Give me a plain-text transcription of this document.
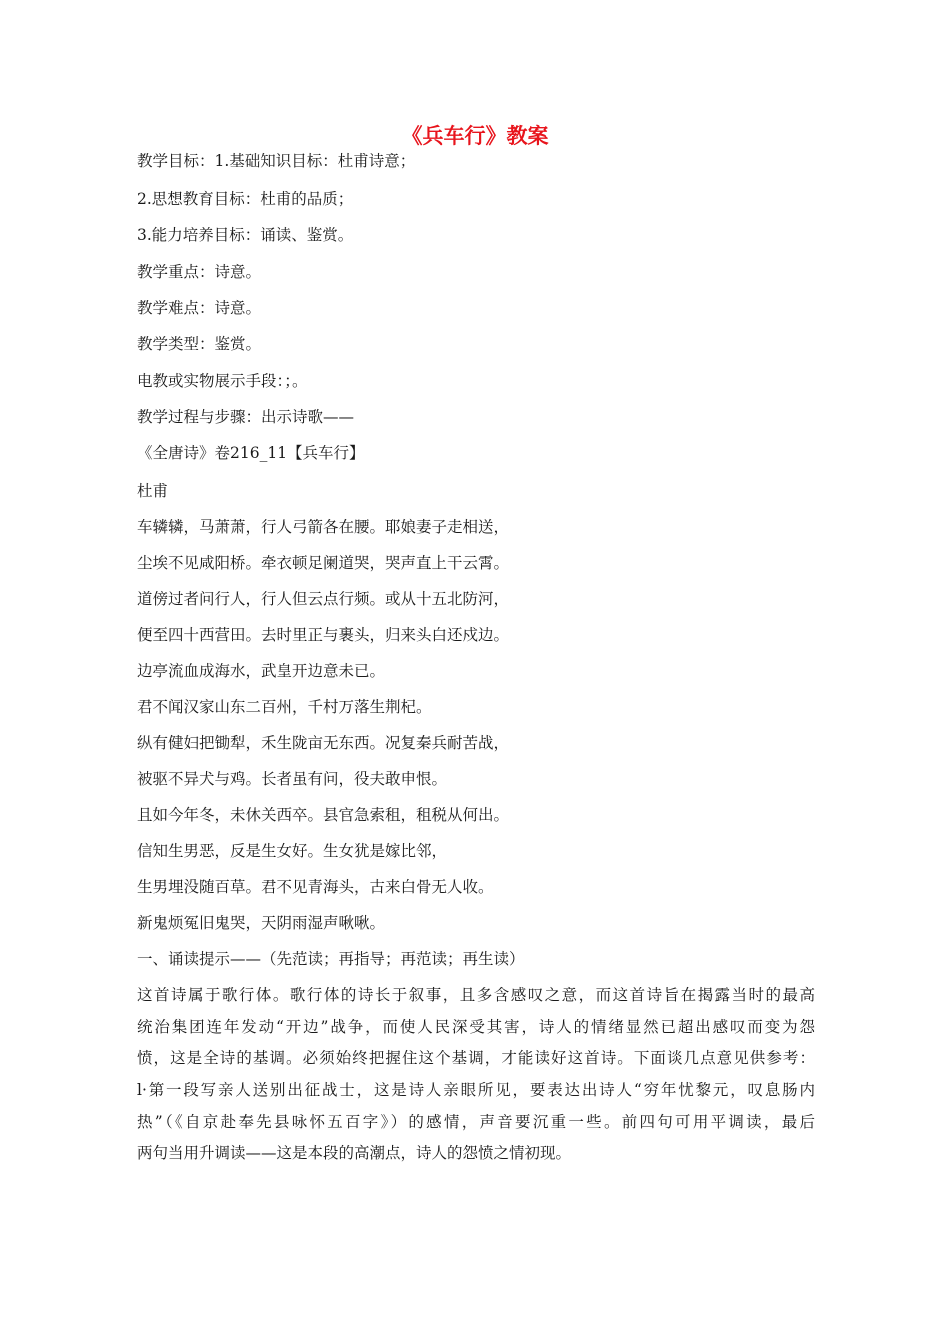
《兵车行》教案
教学目标：1.基础知识目标：杜甫诗意；
2.思想教育目标：杜甫的品质；
3.能力培养目标：诵读、鉴赏。
教学重点：诗意。
教学难点：诗意。
教学类型：鉴赏。
电教或实物展示手段：；。
教学过程与步骤：出示诗歌——
《全唐诗》卷216_11【兵车行】
杜甫
车辚辚，马萧萧，行人弓箭各在腰。耶娘妻子走相送，
尘埃不见咸阳桥。牵衣顿足阑道哭，哭声直上干云霄。
道傍过者问行人，行人但云点行频。或从十五北防河，
便至四十西营田。去时里正与裹头，归来头白还戍边。
边亭流血成海水，武皇开边意未已。
君不闻汉家山东二百州，千村万落生荆杞。
纵有健妇把锄犁，禾生陇亩无东西。况复秦兵耐苦战，
被驱不异犬与鸡。长者虽有问，役夫敢申恨。
且如今年冬，未休关西卒。县官急索租，租税从何出。
信知生男恶，反是生女好。生女犹是嫁比邻，
生男埋没随百草。君不见青海头，古来白骨无人收。
新鬼烦冤旧鬼哭，天阴雨湿声啾啾。
一、诵读提示——（先范读；再指导；再范读；再生读）
这首诗属于歌行体。歌行体的诗长于叙事，且多含感叹之意，而这首诗旨在揭露当时的最高
统治集团连年发动“开边”战争，而使人民深受其害，诗人的情绪显然已超出感叹而变为怨
愤，这是全诗的基调。必须始终把握住这个基调，才能读好这首诗。下面谈几点意见供参考：
l·第一段写亲人送别出征战士，这是诗人亲眼所见，要表达出诗人“穷年忧黎元，叹息肠内
热”（《自京赴奉先县咏怀五百字》）的感情，声音要沉重一些。前四句可用平调读，最后
两句当用升调读——这是本段的高潮点，诗人的怨愤之情初现。
